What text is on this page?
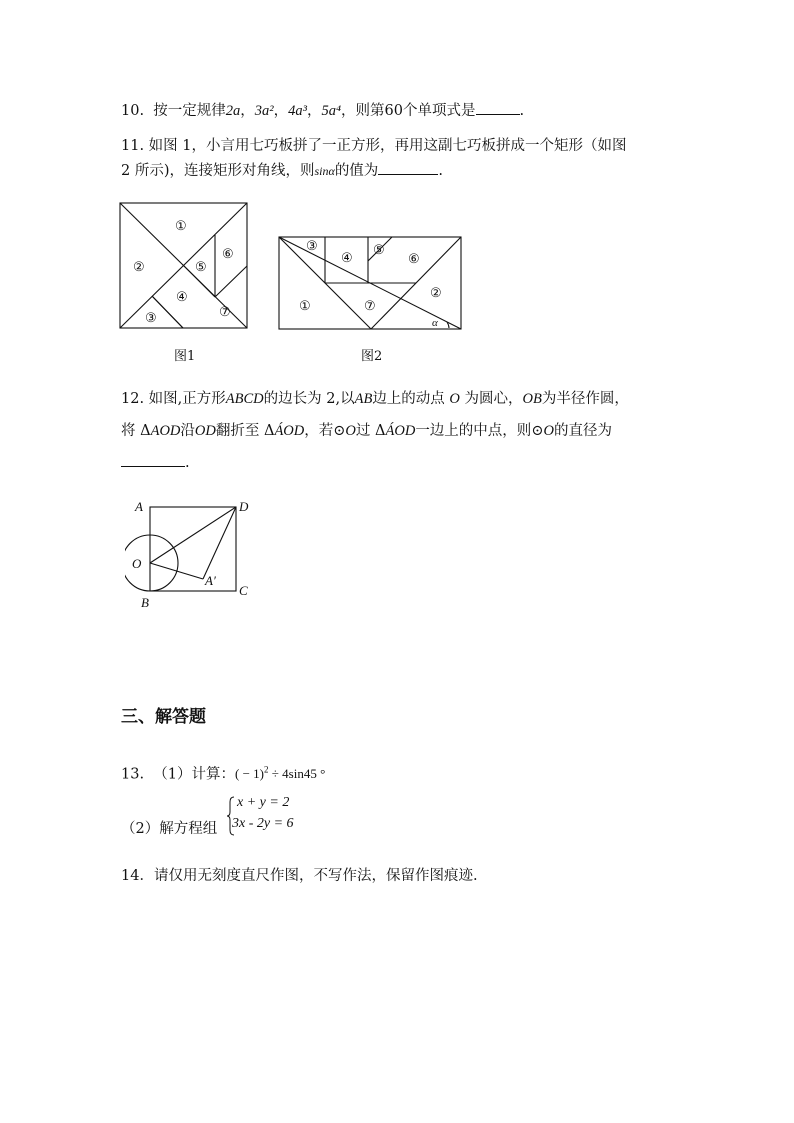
10. 按一定规律2a，3a²，4a³，5a⁴，则第60个单项式是	.
11. 如图 1，小言用七巧板拼了一正方形，再用这副七巧板拼成一个矩形（如图
2 所示)，连接矩形对角线，则sinα的值为	.
①
②	⑤
⑥
④
③	⑦
③
④
⑤
⑥
①	⑦
②
α
图1	图2
12. 如图,正方形ABCD的边长为 2,以AB边上的动点 O 为圆心，OB为半径作圆，
将 ΔAOD沿OD翻折至 ΔÁOD，若⊙O过 ΔÁOD一边上的中点，则⊙O的直径为
.
A	D
O
A′
C
B
三、解答题
13. （1）计算：( − 1)$^2$ ÷ 4sin45 °
（2）解方程组
x + y = 2
3x - 2y = 6
14．请仅用无刻度直尺作图，不写作法，保留作图痕迹.
